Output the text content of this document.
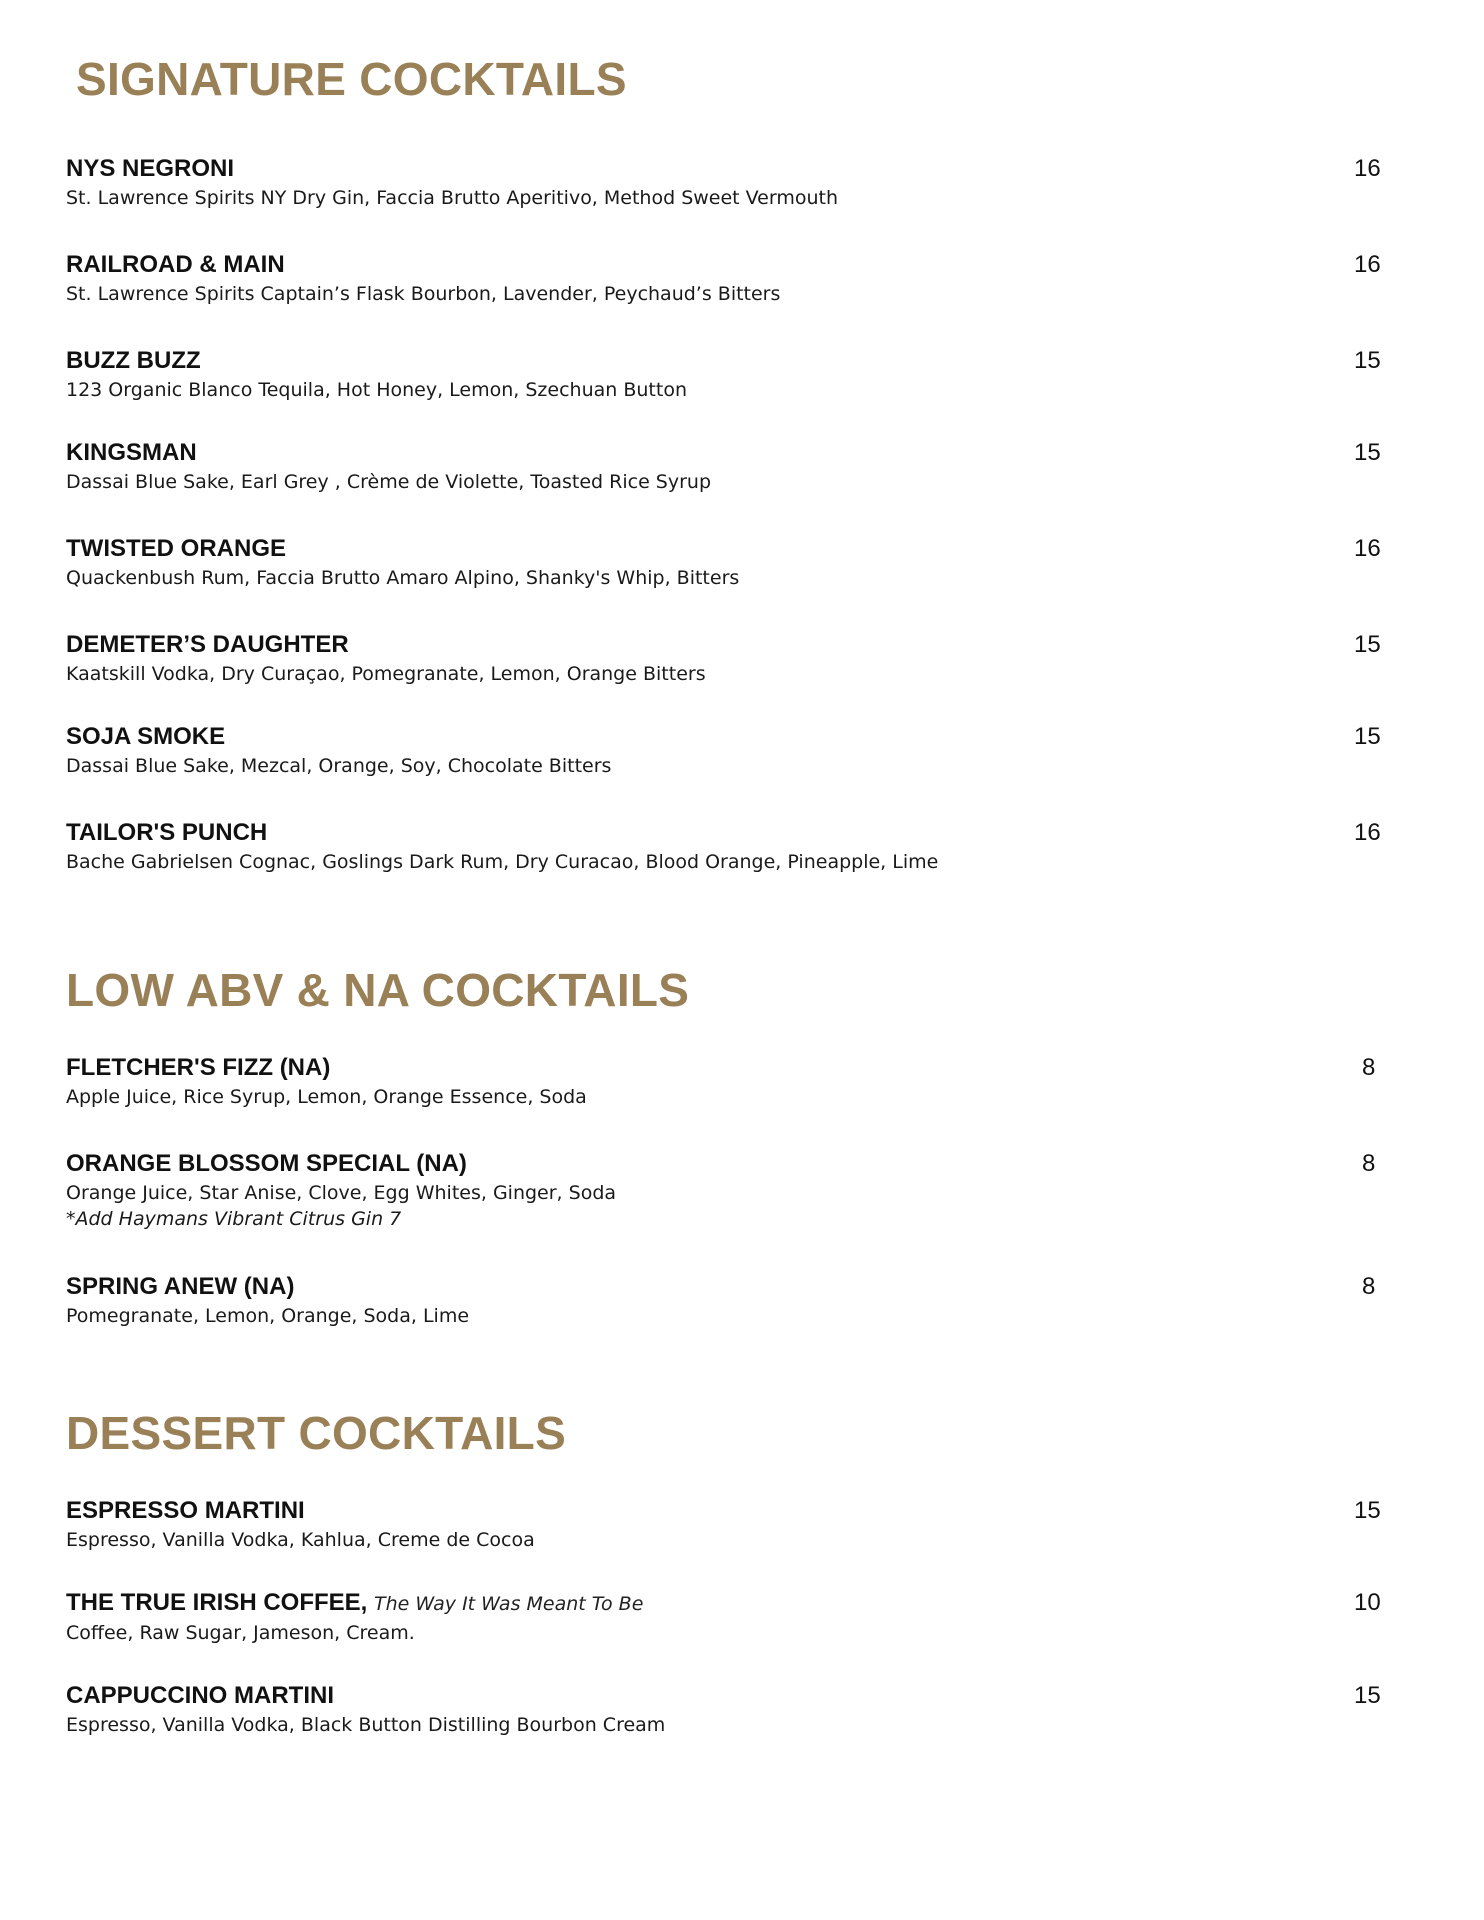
SIGNATURE COCKTAILS
NYS NEGRONI
St. Lawrence Spirits NY Dry Gin, Faccia Brutto Aperitivo, Method Sweet Vermouth
16
RAILROAD & MAIN
St. Lawrence Spirits Captain’s Flask Bourbon, Lavender, Peychaud’s Bitters
16
BUZZ BUZZ
123 Organic Blanco Tequila, Hot Honey, Lemon, Szechuan Button
15
KINGSMAN
Dassai Blue Sake, Earl Grey , Crème de Violette, Toasted Rice Syrup
15
TWISTED ORANGE
Quackenbush Rum, Faccia Brutto Amaro Alpino, Shanky's Whip, Bitters
16
DEMETER’S DAUGHTER
Kaatskill Vodka, Dry Curaçao, Pomegranate, Lemon, Orange Bitters
15
SOJA SMOKE
Dassai Blue Sake, Mezcal, Orange, Soy, Chocolate Bitters
15
TAILOR'S PUNCH
Bache Gabrielsen Cognac, Goslings Dark Rum, Dry Curacao, Blood Orange, Pineapple, Lime
16
LOW ABV & NA COCKTAILS
FLETCHER'S FIZZ (NA)
Apple Juice, Rice Syrup, Lemon, Orange Essence, Soda
8
ORANGE BLOSSOM SPECIAL (NA)
Orange Juice, Star Anise, Clove, Egg Whites, Ginger, Soda
*Add Haymans Vibrant Citrus Gin 7
8
SPRING ANEW (NA)
Pomegranate, Lemon, Orange, Soda, Lime
8
DESSERT COCKTAILS
ESPRESSO MARTINI
Espresso, Vanilla Vodka, Kahlua, Creme de Cocoa
15
THE TRUE IRISH COFFEE, The Way It Was Meant To Be
Coffee, Raw Sugar, Jameson, Cream.
10
CAPPUCCINO MARTINI
Espresso, Vanilla Vodka, Black Button Distilling Bourbon Cream
15
